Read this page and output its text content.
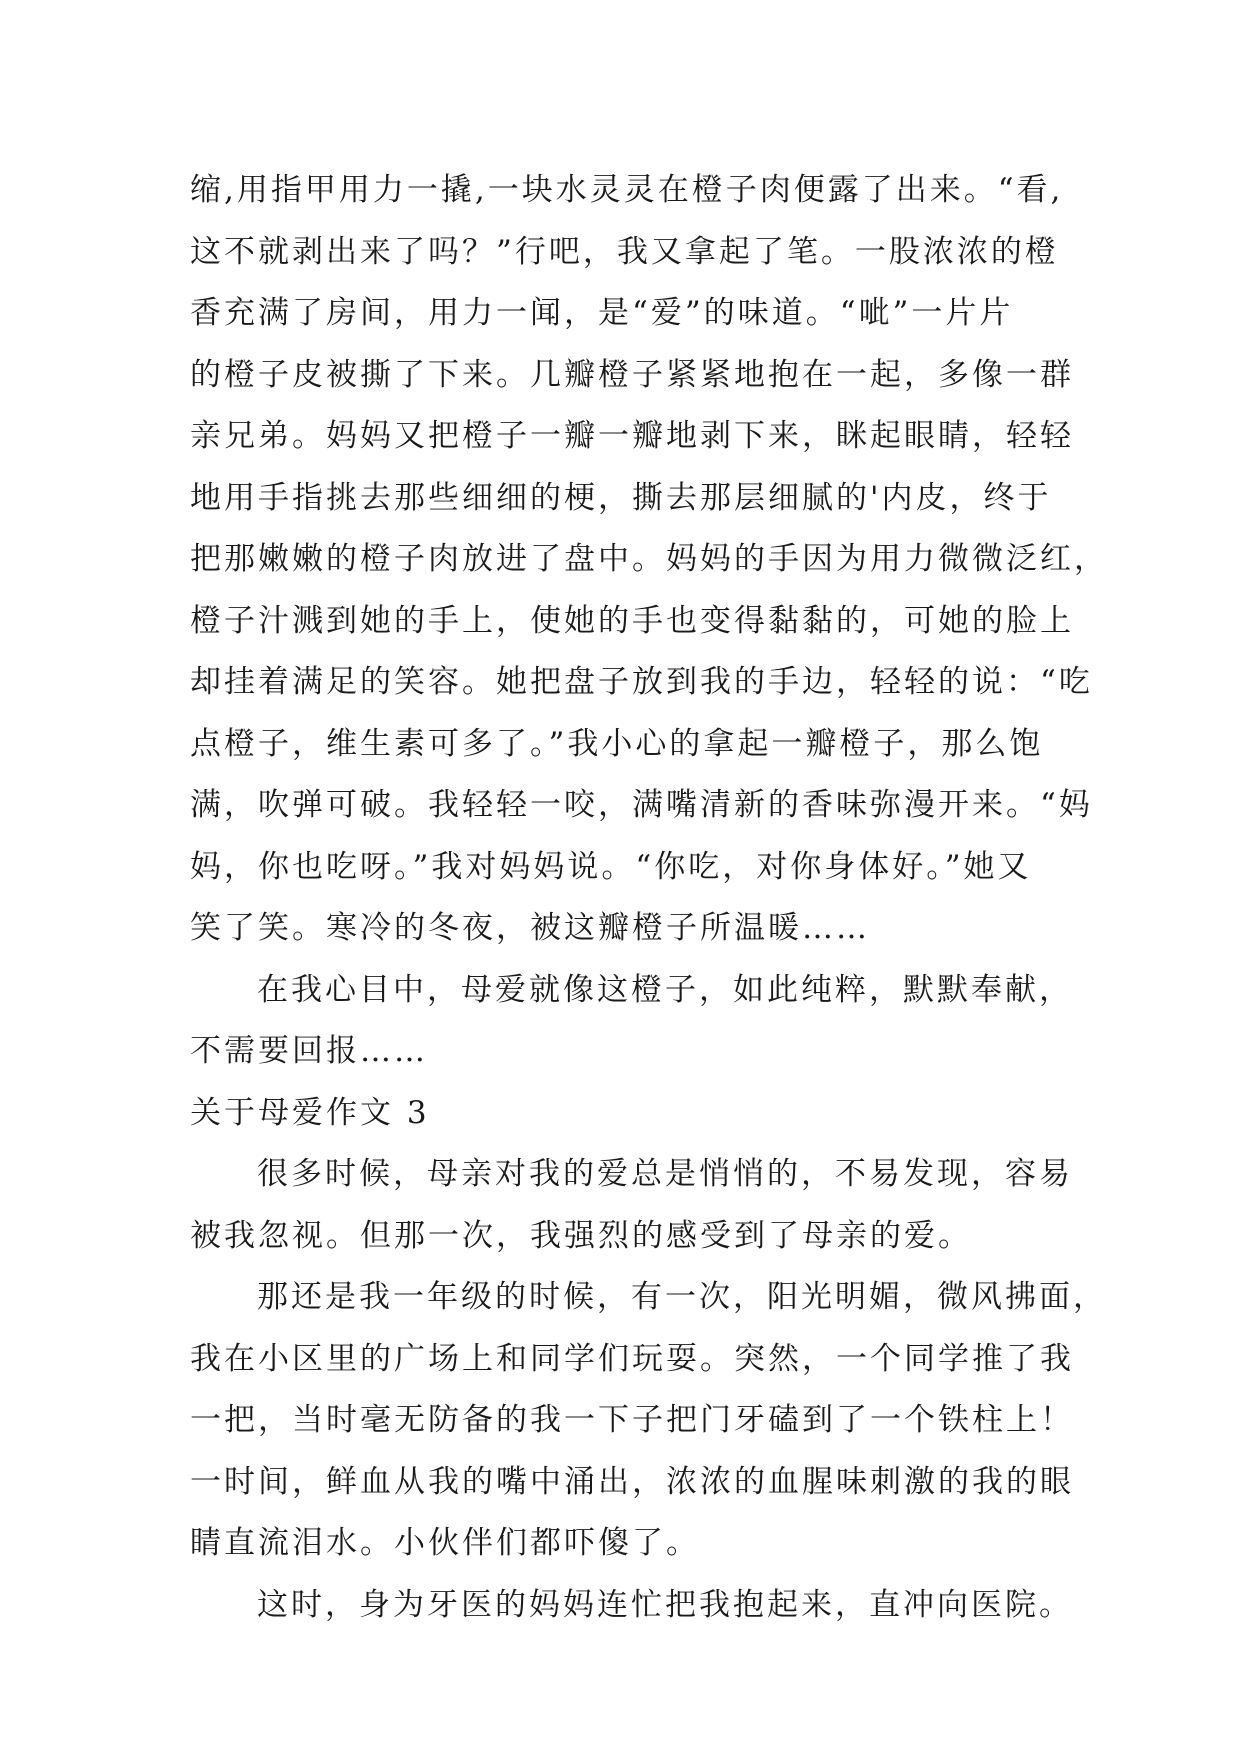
缩,用指甲用力一撬,一块水灵灵在橙子肉便露了出来。“看,
这不就剥出来了吗？”行吧，我又拿起了笔。一股浓浓的橙
香充满了房间，用力一闻，是“爱”的味道。“呲”一片片
的橙子皮被撕了下来。几瓣橙子紧紧地抱在一起，多像一群
亲兄弟。妈妈又把橙子一瓣一瓣地剥下来，眯起眼睛，轻轻
地用手指挑去那些细细的梗，撕去那层细腻的'内皮，终于
把那嫩嫩的橙子肉放进了盘中。妈妈的手因为用力微微泛红，
橙子汁溅到她的手上，使她的手也变得黏黏的，可她的脸上
却挂着满足的笑容。她把盘子放到我的手边，轻轻的说：“吃
点橙子，维生素可多了。”我小心的拿起一瓣橙子，那么饱
满，吹弹可破。我轻轻一咬，满嘴清新的香味弥漫开来。“妈
妈，你也吃呀。”我对妈妈说。“你吃，对你身体好。”她又
笑了笑。寒冷的冬夜，被这瓣橙子所温暖……
在我心目中，母爱就像这橙子，如此纯粹，默默奉献，
不需要回报……
关于母爱作文 3
很多时候，母亲对我的爱总是悄悄的，不易发现，容易
被我忽视。但那一次，我强烈的感受到了母亲的爱。
那还是我一年级的时候，有一次，阳光明媚，微风拂面，
我在小区里的广场上和同学们玩耍。突然，一个同学推了我
一把，当时毫无防备的我一下子把门牙磕到了一个铁柱上！
一时间，鲜血从我的嘴中涌出，浓浓的血腥味刺激的我的眼
睛直流泪水。小伙伴们都吓傻了。
这时，身为牙医的妈妈连忙把我抱起来，直冲向医院。
